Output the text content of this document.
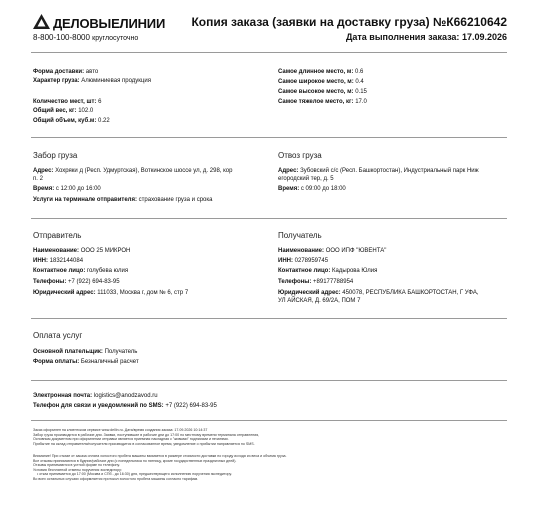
ДЕЛОВЫЕЛИНИИ
8-800-100-8000 круглосуточно
Копия заказа (заявки на доставку груза) №К66210642
Дата выполнения заказа: 17.09.2026
Форма доставки: авто
Характер груза: Алюминиевая продукция
Количество мест, шт: 6
Общий вес, кг: 102.0
Общий объем, куб.м: 0.22
Самое длинное место, м: 0.6
Самое широкое место, м: 0.4
Самое высокое место, м: 0.15
Самое тяжелое место, кг: 17.0
Забор груза
Адрес: Хохряки д (Респ. Удмуртская), Воткинское шоссе ул, д. 298, кор
п. 2
Время: с 12:00 до 16:00
Услуги на терминале отправителя: страхование груза и срока
Отвоз груза
Адрес: Зубовский с/с (Респ. Башкортостан), Индустриальный парк Ниж
егородский тер, д. 5
Время: с 09:00 до 18:00
Отправитель
Наименование: ООО 25 МИКРОН
ИНН: 1832144084
Контактное лицо: голубева юлия
Телефоны: +7 (922) 694-83-95
Юридический адрес: 111033, Москва г, дом № 6, стр 7
Получатель
Наименование: ООО ИПФ "ЮВЕНТА"
ИНН: 0278959745
Контактное лицо: Кадырова Юлия
Телефоны: +89177788954
Юридический адрес: 450078, РЕСПУБЛИКА БАШКОРТОСТАН, Г УФА,
УЛ АЙСКАЯ, Д. 69/2А, ПОМ 7
Оплата услуг
Основной плательщик: Получатель
Форма оплаты: Безналичный расчет
Электронная почта: logistics@anodzavod.ru
Телефон для связи и уведомлений по SMS: +7 (922) 694-83-95
Заказ оформлен на клиентском сервисе www.dellin.ru. Дата/время создания заказа: 17.09.2026 10:14:37
Забор груза производится в рабочие дни. Заявки, поступившие в рабочие дни до 17:00 по местному времени терминала отправления,
Основным документом при оформлении отправки является приемная накладная с "живыми" подписями и печатями.
Прибытие на склад отправителя/получателя производится в согласованное время, уведомление о прибытии направляется по SMS.
Внимание! При отказе от заказа оплата холостого пробега машины взимается в размере стоимости доставки по городу исходя из веса и объема груза.
Все отзывы принимаются в будние/рабочие дни (с понедельника по пятницу, кроме государственных праздничных дней).
Отзывы принимаются в устной форме по телефону.
Условия бесплатной отмены поручения экспедитору:
• отказ принимается до 17:00 (Москва и СПб - до 16:30) дня, предшествующего исполнению поручения экспедитору.
Во всех остальных случаях оформляется протокол холостого пробега машины согласно тарифам.
